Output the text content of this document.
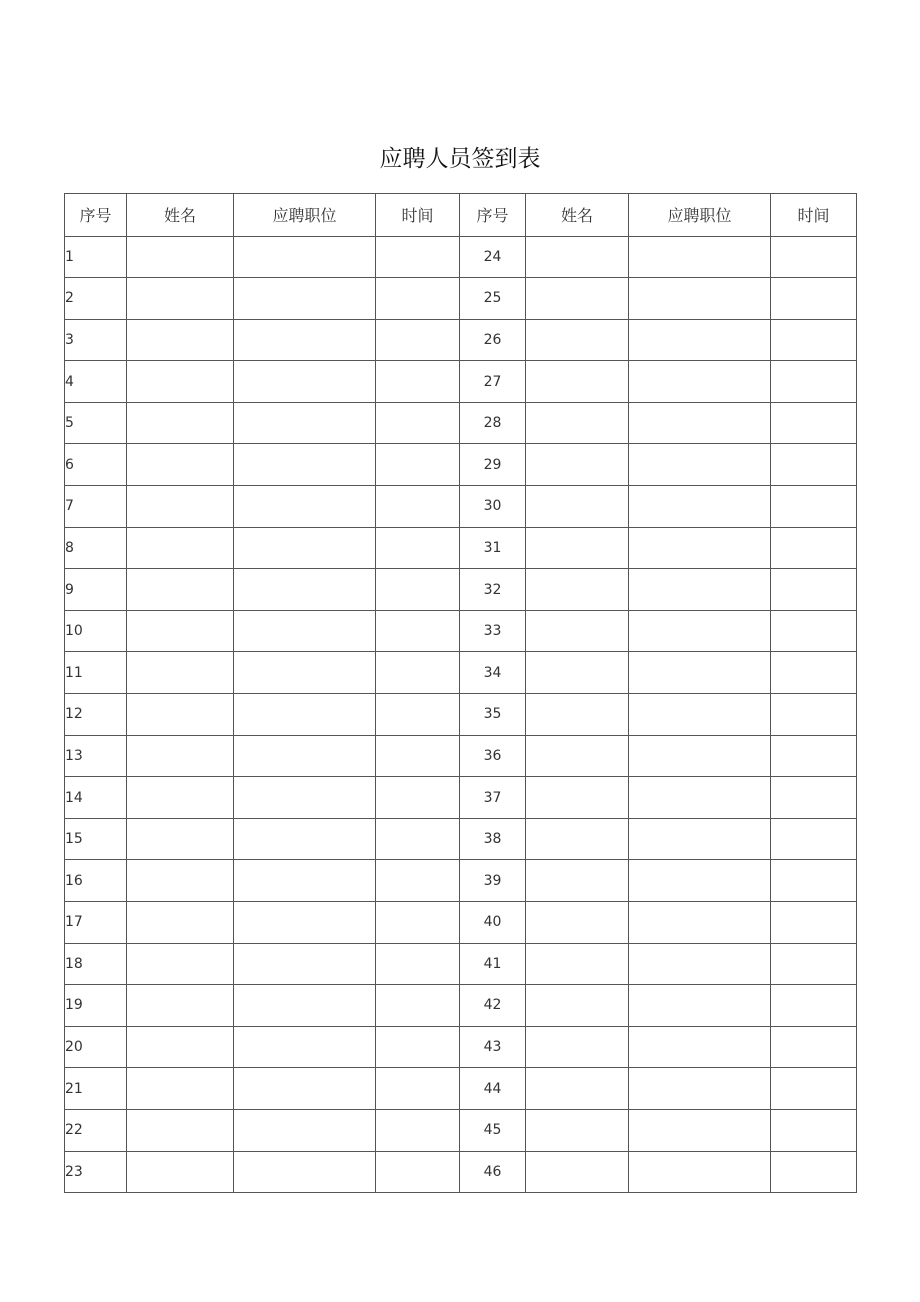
应聘人员签到表
序号	姓名	应聘职位	时间	序号	姓名	应聘职位	时间
1				24			
2				25			
3				26			
4				27			
5				28			
6				29			
7				30			
8				31			
9				32			
10				33			
11				34			
12				35			
13				36			
14				37			
15				38			
16				39			
17				40			
18				41			
19				42			
20				43			
21				44			
22				45			
23				46			
